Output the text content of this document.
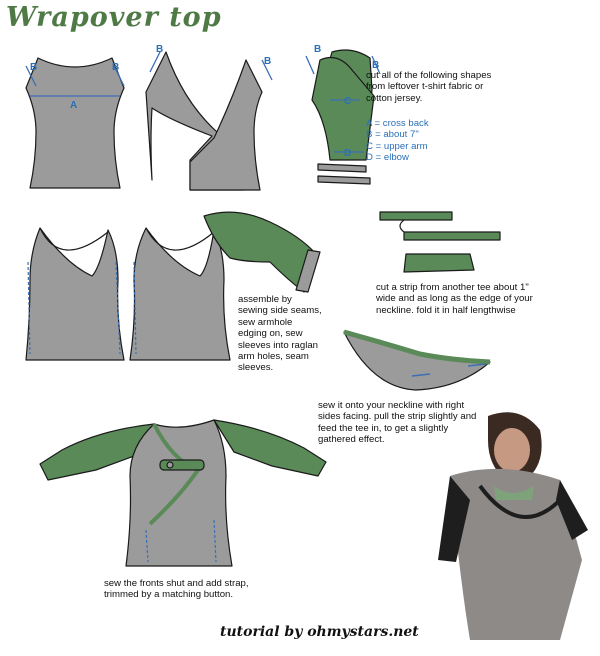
Wrapover top
B	B
A
B
B
B
B
C
D
cut all of the following shapes
from leftover t-shirt fabric or
cotton jersey.
A = cross back
B = about 7"
C = upper arm
D = elbow
assemble by
sewing side seams,
sew armhole
edging on, sew
sleeves into raglan
arm holes, seam
sleeves.
cut a strip from another tee about 1"
wide and as long as the edge of your
neckline. fold it in half lengthwise
sew it onto your neckline with right
sides facing. pull the strip slightly and
feed the tee in, to get a slightly
gathered effect.
sew the fronts shut and add strap,
trimmed by a matching button.
tutorial by ohmystars.net
